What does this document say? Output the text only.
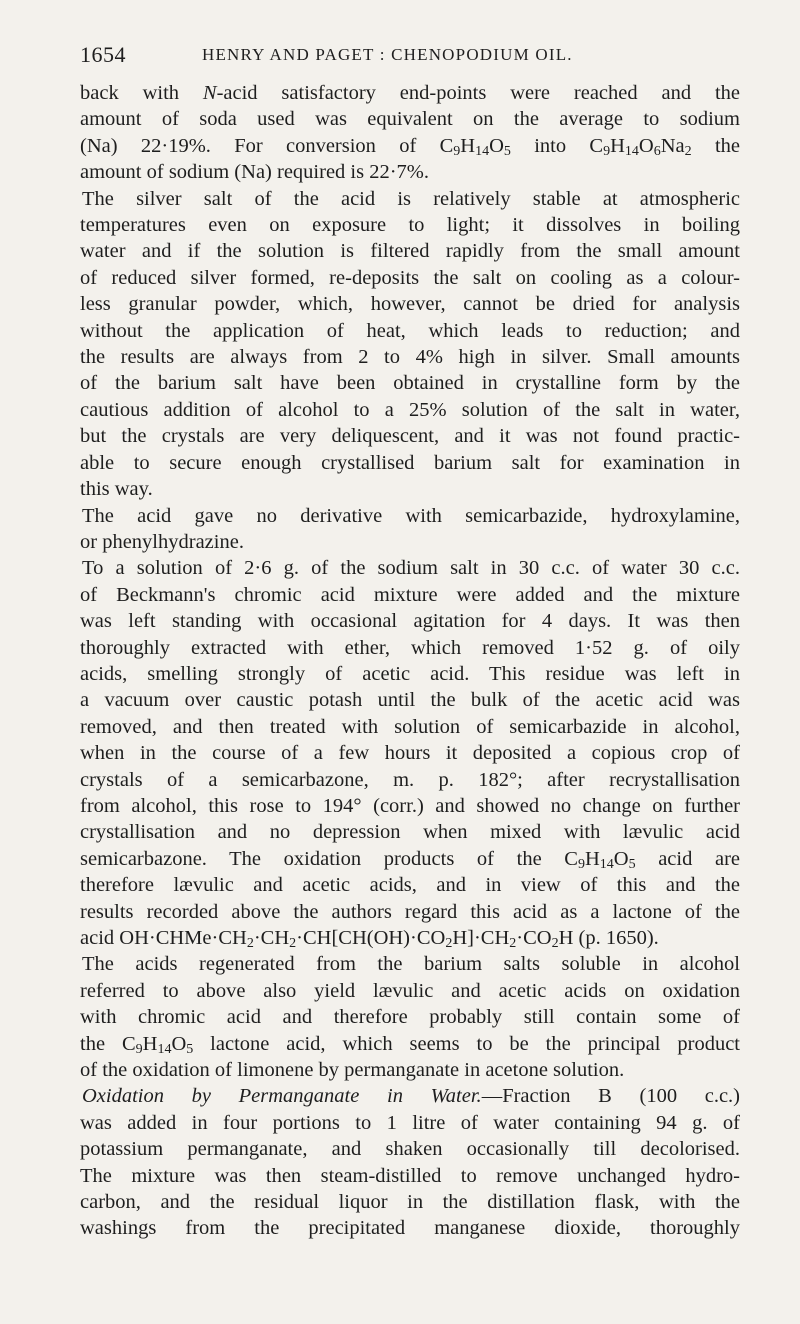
1654	HENRY AND PAGET : CHENOPODIUM OIL.
back with N-acid satisfactory end-points were reached and the
amount of soda used was equivalent on the average to sodium
(Na) 22·19%. For conversion of $C_9H_{14}O_5$ into $C_9H_{14}O_6Na_2$ the
amount of sodium (Na) required is 22·7%.
The silver salt of the acid is relatively stable at atmospheric
temperatures even on exposure to light; it dissolves in boiling
water and if the solution is filtered rapidly from the small amount
of reduced silver formed, re-deposits the salt on cooling as a colour-
less granular powder, which, however, cannot be dried for analysis
without the application of heat, which leads to reduction; and
the results are always from 2 to 4% high in silver. Small amounts
of the barium salt have been obtained in crystalline form by the
cautious addition of alcohol to a 25% solution of the salt in water,
but the crystals are very deliquescent, and it was not found practic-
able to secure enough crystallised barium salt for examination in
this way.
The acid gave no derivative with semicarbazide, hydroxylamine,
or phenylhydrazine.
To a solution of 2·6 g. of the sodium salt in 30 c.c. of water 30 c.c.
of Beckmann's chromic acid mixture were added and the mixture
was left standing with occasional agitation for 4 days. It was then
thoroughly extracted with ether, which removed 1·52 g. of oily
acids, smelling strongly of acetic acid. This residue was left in
a vacuum over caustic potash until the bulk of the acetic acid was
removed, and then treated with solution of semicarbazide in alcohol,
when in the course of a few hours it deposited a copious crop of
crystals of a semicarbazone, m. p. 182°; after recrystallisation
from alcohol, this rose to 194° (corr.) and showed no change on further
crystallisation and no depression when mixed with lævulic acid
semicarbazone. The oxidation products of the $C_9H_{14}O_5$ acid are
therefore lævulic and acetic acids, and in view of this and the
results recorded above the authors regard this acid as a lactone of the
acid $OH\cdot CHMe\cdot CH_2\cdot CH_2\cdot CH[CH(OH)\cdot CO_2H]\cdot CH_2\cdot CO_2H$ (p. 1650).
The acids regenerated from the barium salts soluble in alcohol
referred to above also yield lævulic and acetic acids on oxidation
with chromic acid and therefore probably still contain some of
the $C_9H_{14}O_5$ lactone acid, which seems to be the principal product
of the oxidation of limonene by permanganate in acetone solution.
Oxidation by Permanganate in Water.—Fraction B (100 c.c.)
was added in four portions to 1 litre of water containing 94 g. of
potassium permanganate, and shaken occasionally till decolorised.
The mixture was then steam-distilled to remove unchanged hydro-
carbon, and the residual liquor in the distillation flask, with the
washings from the precipitated manganese dioxide, thoroughly
